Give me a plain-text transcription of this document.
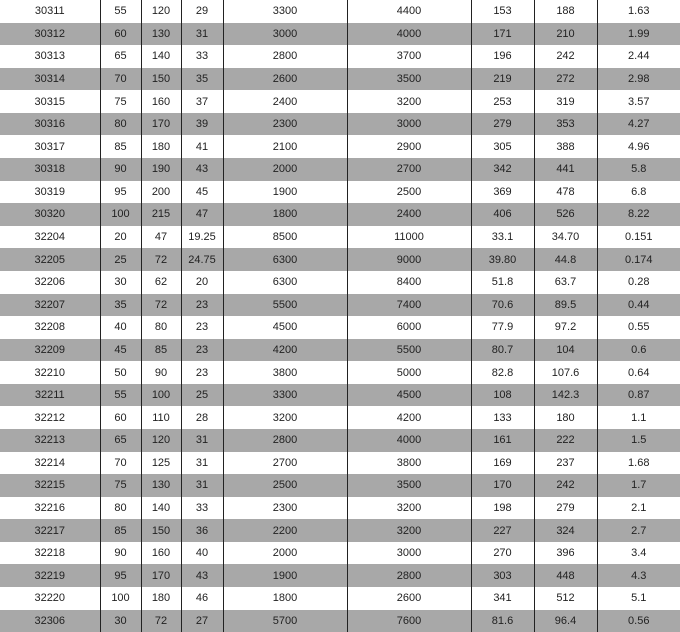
30311	55	120	29	3300	4400	153	188	1.63
30312	60	130	31	3000	4000	171	210	1.99
30313	65	140	33	2800	3700	196	242	2.44
30314	70	150	35	2600	3500	219	272	2.98
30315	75	160	37	2400	3200	253	319	3.57
30316	80	170	39	2300	3000	279	353	4.27
30317	85	180	41	2100	2900	305	388	4.96
30318	90	190	43	2000	2700	342	441	5.8
30319	95	200	45	1900	2500	369	478	6.8
30320	100	215	47	1800	2400	406	526	8.22
32204	20	47	19.25	8500	11000	33.1	34.70	0.151
32205	25	72	24.75	6300	9000	39.80	44.8	0.174
32206	30	62	20	6300	8400	51.8	63.7	0.28
32207	35	72	23	5500	7400	70.6	89.5	0.44
32208	40	80	23	4500	6000	77.9	97.2	0.55
32209	45	85	23	4200	5500	80.7	104	0.6
32210	50	90	23	3800	5000	82.8	107.6	0.64
32211	55	100	25	3300	4500	108	142.3	0.87
32212	60	110	28	3200	4200	133	180	1.1
32213	65	120	31	2800	4000	161	222	1.5
32214	70	125	31	2700	3800	169	237	1.68
32215	75	130	31	2500	3500	170	242	1.7
32216	80	140	33	2300	3200	198	279	2.1
32217	85	150	36	2200	3200	227	324	2.7
32218	90	160	40	2000	3000	270	396	3.4
32219	95	170	43	1900	2800	303	448	4.3
32220	100	180	46	1800	2600	341	512	5.1
32306	30	72	27	5700	7600	81.6	96.4	0.56
